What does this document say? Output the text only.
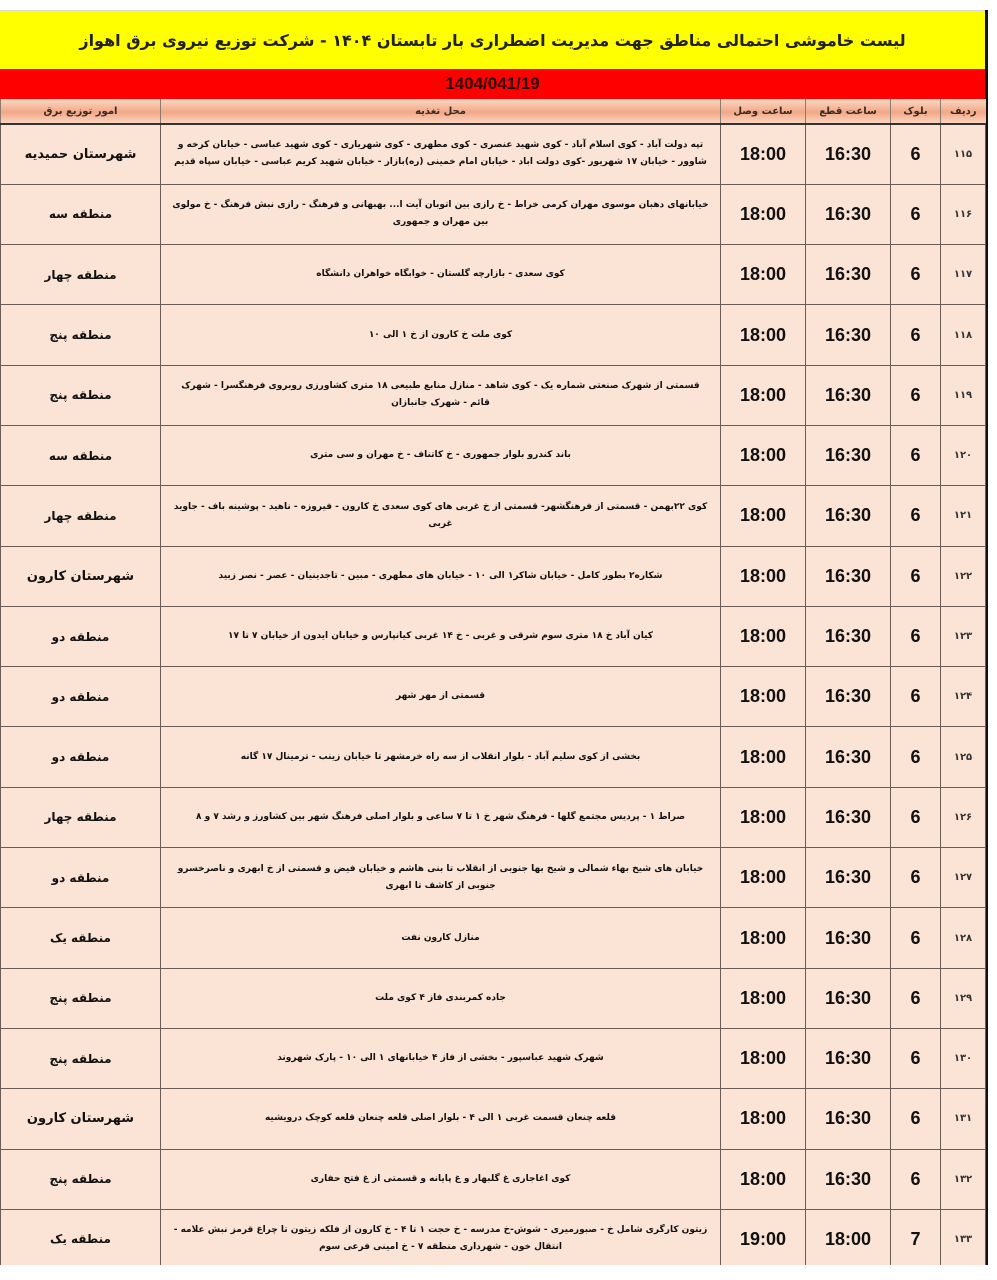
لیست خاموشی احتمالی مناطق جهت مدیریت اضطراری بار تابستان ۱۴۰۴ - شرکت توزیع نیروی برق اهواز
1404/041/19
ردیف	بلوک	ساعت قطع	ساعت وصل	محل تغذیه	امور توزیع برق
۱۱۵	6	16:30	18:00	تپه دولت آباد - کوی اسلام آباد - کوی شهید عنصری - کوی مطهری - کوی شهریاری - کوی شهید عباسی - خیابان کرخه و شاوور - خیابان ۱۷ شهریور -کوی دولت اباد - خیابان امام خمینی (ره)بازار - خیابان شهید کریم عباسی - خیابان سپاه قدیم	شهرستان حمیدیه
۱۱۶	6	16:30	18:00	خیابانهای دهبان موسوی مهران کرمی خراط - خ رازی بین اتوبان آیت ا... بهبهانی و فرهنگ - رازی نبش فرهنگ - خ مولوی بین مهران و جمهوری	منطقه سه
۱۱۷	6	16:30	18:00	کوی سعدی - بازارچه گلستان - خوابگاه خواهران دانشگاه	منطقه چهار
۱۱۸	6	16:30	18:00	کوی ملت خ کارون از خ ۱ الی ۱۰	منطقه پنج
۱۱۹	6	16:30	18:00	قسمتی از شهرک صنعتی شماره یک - کوی شاهد - منازل منابع طبیعی ۱۸ متری کشاورزی روبروی فرهنگسرا - شهرک قائم - شهرک جانبازان	منطقه پنج
۱۲۰	6	16:30	18:00	باند کندرو بلوار جمهوری - خ کاتناف - خ مهران و سی متری	منطقه سه
۱۲۱	6	16:30	18:00	کوی ۲۲بهمن - قسمتی از فرهنگشهر- قسمتی از خ غربی های کوی سعدی خ کارون - فیروزه - ناهید - پوشینه باف - جاوید غربی	منطقه چهار
۱۲۲	6	16:30	18:00	شکاره۲ بطور کامل - خیابان شاکر۱ الی ۱۰ - خیابان های مطهری - مبین - تاجدینیان - عصر - نصر زبید	شهرستان کارون
۱۲۳	6	16:30	18:00	کیان آباد خ ۱۸ متری سوم شرقی و غربی - خ ۱۴ غربی کیانپارس و خیابان ایدون از خیابان ۷ تا ۱۷	منطقه دو
۱۲۴	6	16:30	18:00	قسمتی از مهر شهر	منطقه دو
۱۲۵	6	16:30	18:00	بخشی از کوی سلیم آباد - بلوار انقلاب از سه راه خرمشهر تا خیابان زینب - ترمینال ۱۷ گانه	منطقه دو
۱۲۶	6	16:30	18:00	صراط ۱ - پردیس مجتمع گلها - فرهنگ شهر خ ۱ تا ۷ ساعی و بلوار اصلی فرهنگ شهر بین کشاورز و رشد ۷ و ۸	منطقه چهار
۱۲۷	6	16:30	18:00	خیابان های شیخ بهاء شمالی و شیخ بها جنوبی از انقلاب تا بنی هاشم و خیابان فیض و قسمتی از خ ابهری و ناصرخسرو جنوبی از کاشف تا ابهری	منطقه دو
۱۲۸	6	16:30	18:00	منازل کارون نفت	منطقه یک
۱۲۹	6	16:30	18:00	جاده کمربندی فاز ۴ کوی ملت	منطقه پنج
۱۳۰	6	16:30	18:00	شهرک شهید عباسپور - بخشی از فاز ۴ خیابانهای ۱ الی ۱۰ - پارک شهروند	منطقه پنج
۱۳۱	6	16:30	18:00	قلعه چنعان قسمت غربی ۱ الی ۴ - بلوار اصلی قلعه چنعان قلعه کوچک درویشیه	شهرستان کارون
۱۳۲	6	16:30	18:00	کوی اغاجاری غ گلبهار و غ پایانه و قسمتی از غ فتح حفاری	منطقه پنج
۱۳۳	7	18:00	19:00	زیتون کارگری شامل خ - صبورمیری - شوش-خ مدرسه - خ حجت ۱ تا ۴ - خ کارون از فلکه زیتون تا چراغ قرمز نبش علامه - انتقال خون - شهرداری منطقه ۷ - خ امینی فرعی سوم	منطقه یک
